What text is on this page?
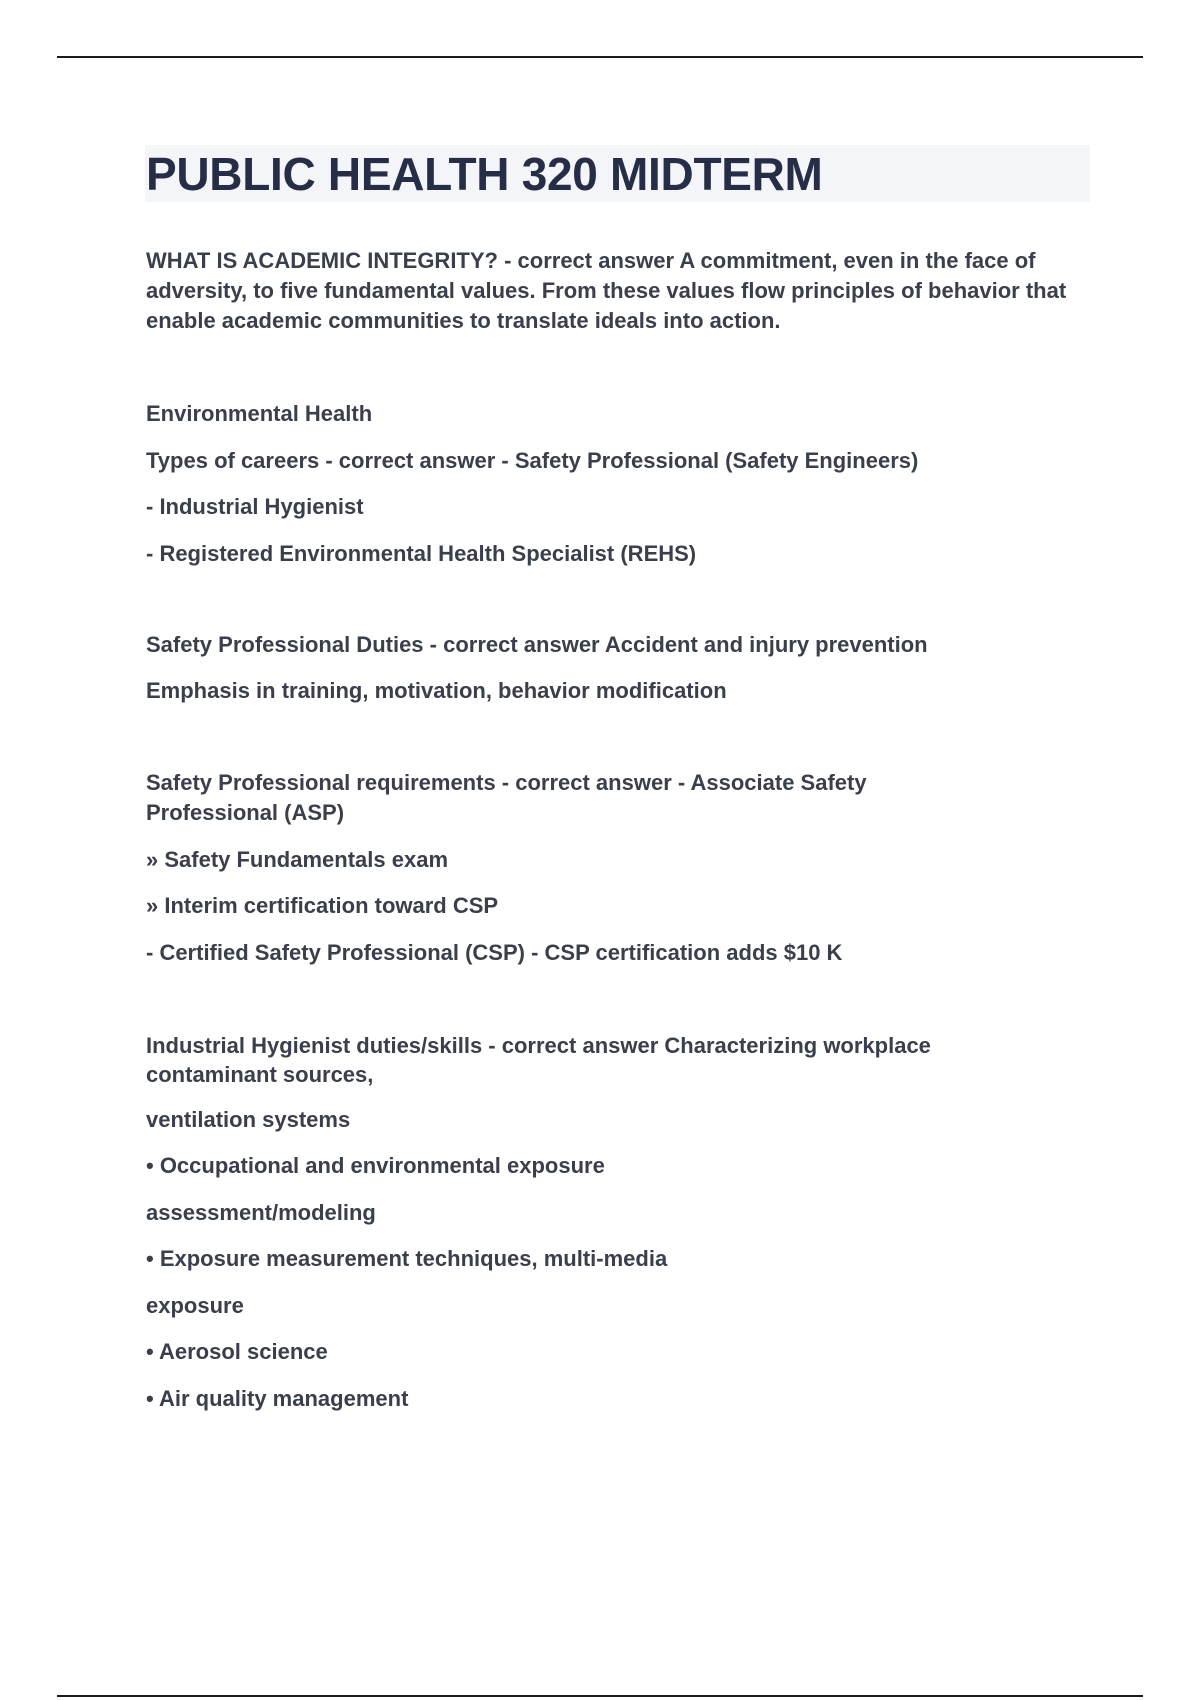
PUBLIC HEALTH 320 MIDTERM

WHAT IS ACADEMIC INTEGRITY? - correct answer A commitment, even in the face of adversity, to five fundamental values. From these values flow principles of behavior that enable academic communities to translate ideals into action.

Environmental Health

Types of careers - correct answer - Safety Professional (Safety Engineers)

- Industrial Hygienist

- Registered Environmental Health Specialist (REHS)

Safety Professional Duties - correct answer Accident and injury prevention

Emphasis in training, motivation, behavior modification

Safety Professional requirements - correct answer - Associate Safety Professional (ASP)

» Safety Fundamentals exam

» Interim certification toward CSP

- Certified Safety Professional (CSP) - CSP certification adds $10 K

Industrial Hygienist duties/skills - correct answer Characterizing workplace contaminant sources,

ventilation systems

• Occupational and environmental exposure

assessment/modeling

• Exposure measurement techniques, multi-media

exposure

• Aerosol science

• Air quality management
